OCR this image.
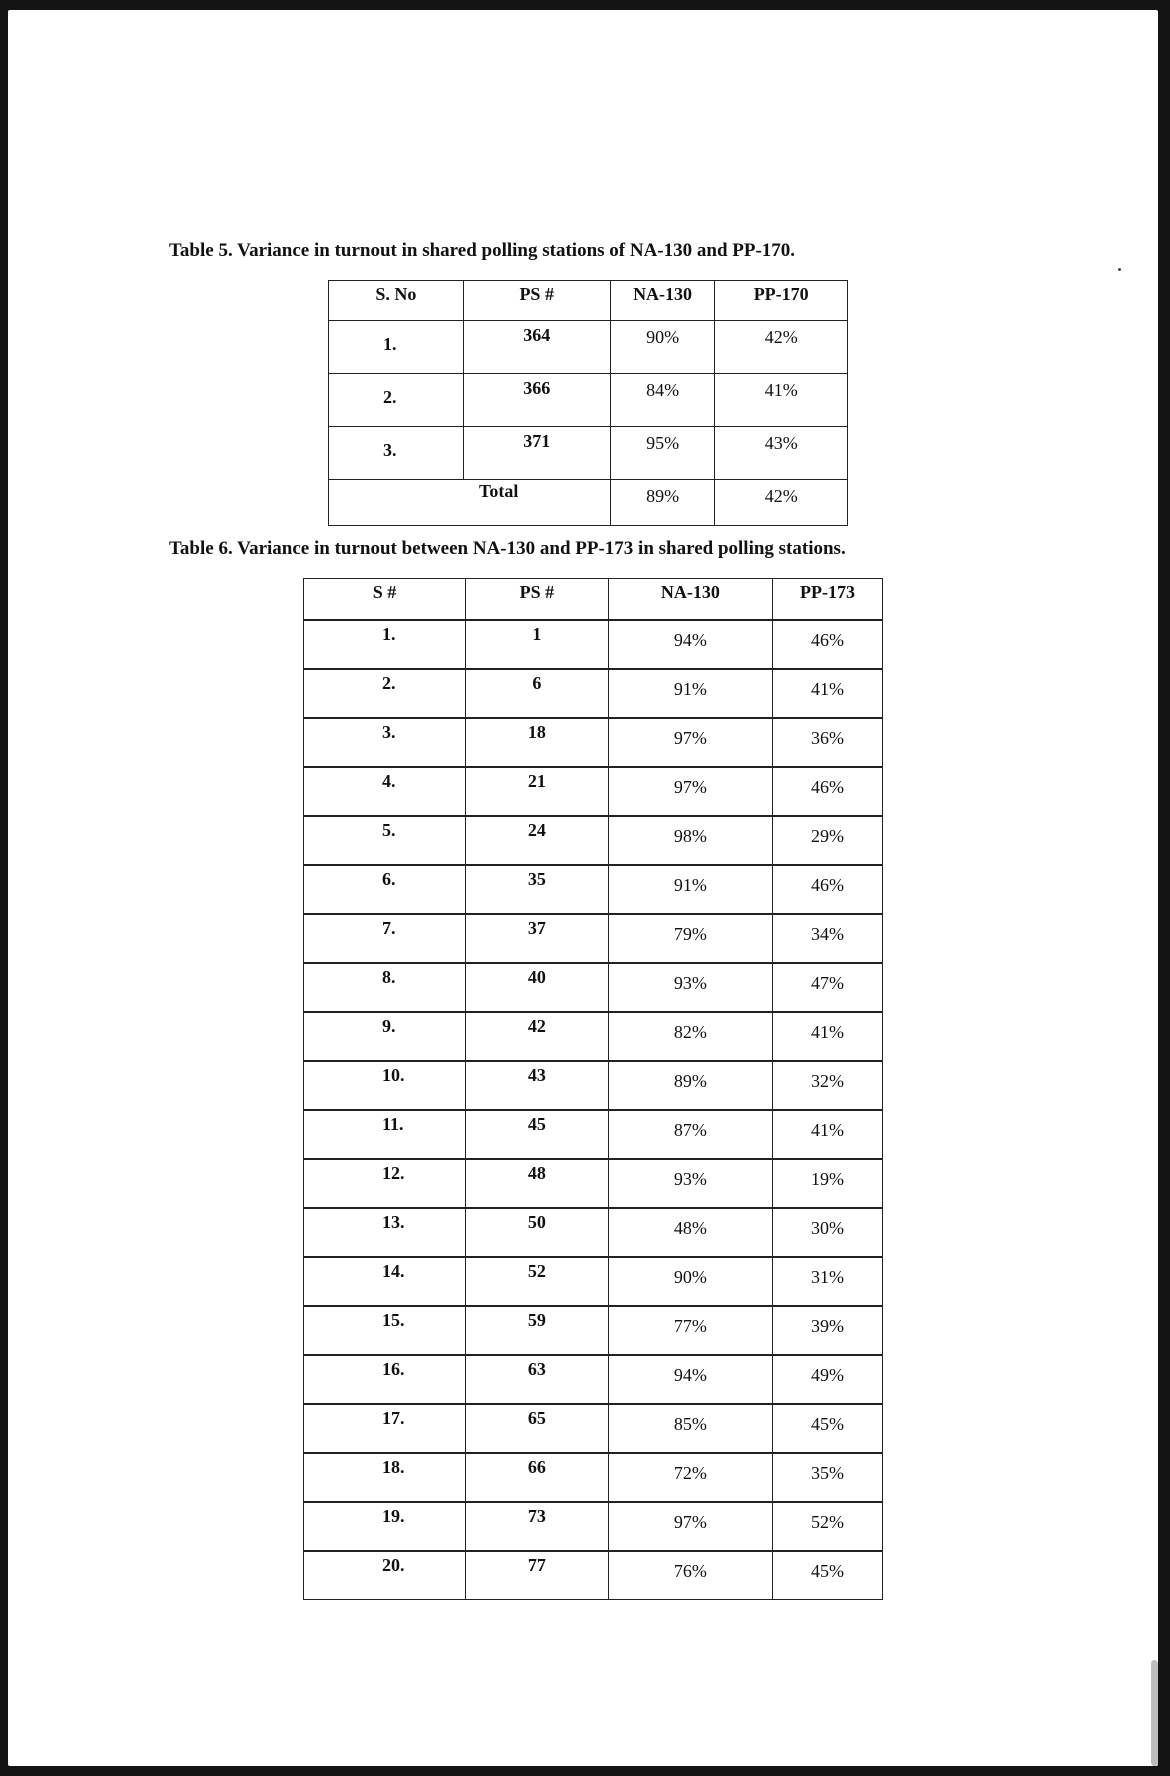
Table 5. Variance in turnout in shared polling stations of NA-130 and PP-170.
S. No	PS #	NA-130	PP-170
1.	364	90%	42%
2.	366	84%	41%
3.	371	95%	43%
Total		89%	42%
Table 6. Variance in turnout between NA-130 and PP-173 in shared polling stations.
S #	PS #	NA-130	PP-173
1.	1	94%	46%
2.	6	91%	41%
3.	18	97%	36%
4.	21	97%	46%
5.	24	98%	29%
6.	35	91%	46%
7.	37	79%	34%
8.	40	93%	47%
9.	42	82%	41%
10.	43	89%	32%
11.	45	87%	41%
12.	48	93%	19%
13.	50	48%	30%
14.	52	90%	31%
15.	59	77%	39%
16.	63	94%	49%
17.	65	85%	45%
18.	66	72%	35%
19.	73	97%	52%
20.	77	76%	45%
